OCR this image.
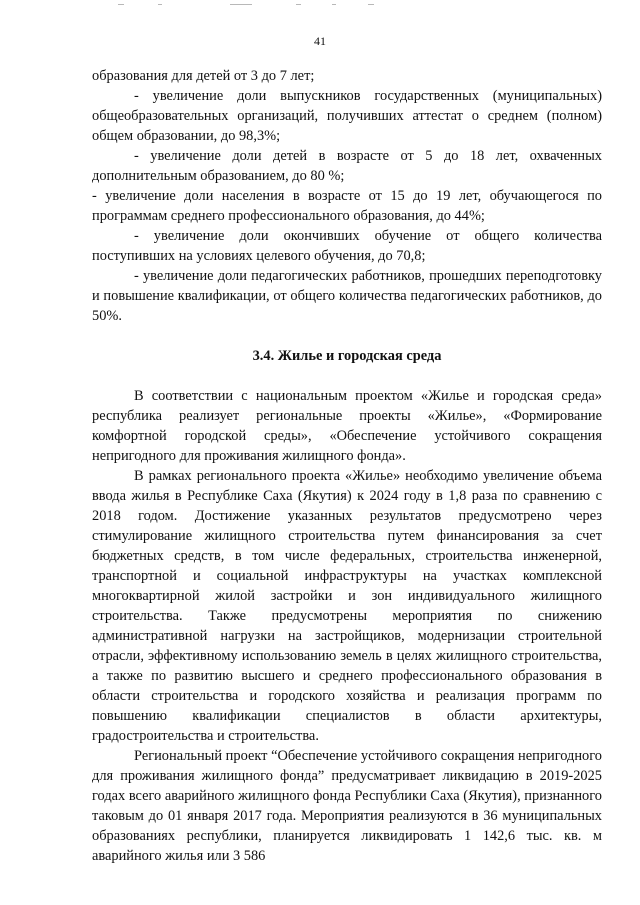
41

образования для детей от 3 до 7 лет;

- увеличение доли выпускников государственных (муниципальных) общеобразовательных организаций, получивших аттестат о среднем (полном) общем образовании, до 98,3%;

- увеличение доли детей в возрасте от 5 до 18 лет, охваченных дополнительным образованием, до 80 %;

- увеличение доли населения в возрасте от 15 до 19 лет, обучающегося по программам среднего профессионального образования, до 44%;

- увеличение доли окончивших обучение от общего количества поступивших на условиях целевого обучения, до 70,8;

- увеличение доли педагогических работников, прошедших переподготовку и повышение квалификации, от общего количества педагогических работников, до 50%.

3.4. Жилье и городская среда

В соответствии с национальным проектом «Жилье и городская среда» республика реализует региональные проекты «Жилье», «Формирование комфортной городской среды», «Обеспечение устойчивого сокращения непригодного для проживания жилищного фонда».

В рамках регионального проекта «Жилье» необходимо увеличение объема ввода жилья в Республике Саха (Якутия) к 2024 году в 1,8 раза по сравнению с 2018 годом. Достижение указанных результатов предусмотрено через стимулирование жилищного строительства путем финансирования за счет бюджетных средств, в том числе федеральных, строительства инженерной, транспортной и социальной инфраструктуры на участках комплексной многоквартирной жилой застройки и зон индивидуального жилищного строительства. Также предусмотрены мероприятия по снижению административной нагрузки на застройщиков, модернизации строительной отрасли, эффективному использованию земель в целях жилищного строительства, а также по развитию высшего и среднего профессионального образования в области строительства и городского хозяйства и реализация программ по повышению квалификации специалистов в области архитектуры, градостроительства и строительства.

Региональный проект “Обеспечение устойчивого сокращения непригодного для проживания жилищного фонда” предусматривает ликвидацию в 2019-2025 годах всего аварийного жилищного фонда Республики Саха (Якутия), признанного таковым до 01 января 2017 года. Мероприятия реализуются в 36 муниципальных образованиях республики, планируется ликвидировать 1 142,6 тыс. кв. м аварийного жилья или 3 586
